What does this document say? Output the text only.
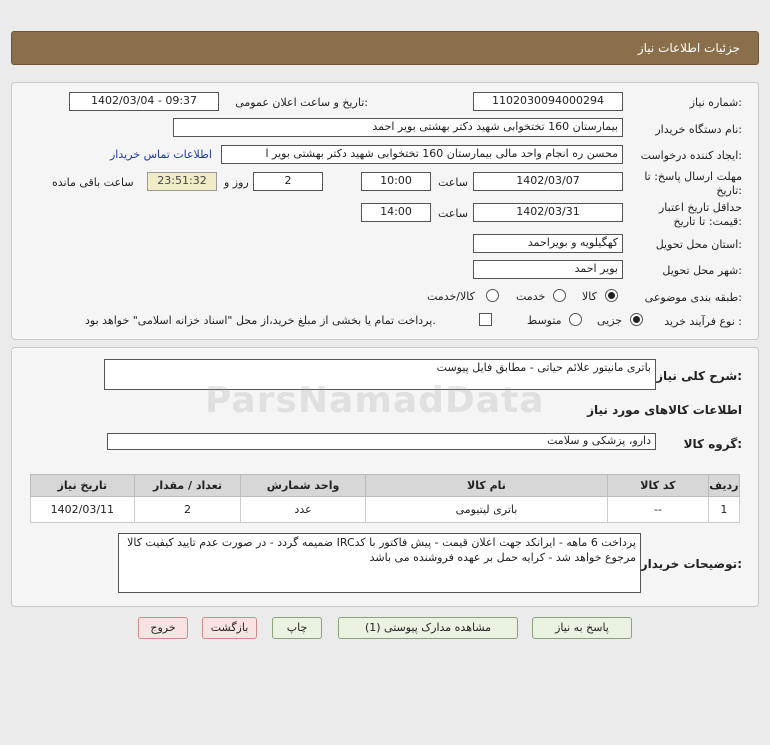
جزئیات اطلاعات نیاز
شماره نیاز:
1102030094000294
تاریخ و ساعت اعلان عمومی:
1402/03/04 - 09:37
نام دستگاه خریدار:
بیمارستان 160 تختخوابی شهید دکتر بهشتی بویر احمد
ایجاد کننده درخواست:
محسن ره انجام واحد مالی بیمارستان 160 تختخوابی شهید دکتر بهشتی بویر ا
اطلاعات تماس خریدار
مهلت ارسال پاسخ: تا
تاریخ:
1402/03/07
ساعت
10:00
2
روز و
23:51:32
ساعت باقی مانده
حداقل تاریخ اعتبار
قیمت: تا تاریخ:
1402/03/31
ساعت
14:00
استان محل تحویل:
کهگیلویه و بویراحمد
شهر محل تحویل:
بویر احمد
طبقه بندی موضوعی:
کالا
خدمت
کالا/خدمت
نوع فرآیند خرید :
جزیی
متوسط
پرداخت تمام یا بخشی از مبلغ خرید،از محل "اسناد خزانه اسلامی" خواهد بود.
شرح کلی نیاز:
باتری مانیتور علائم حیاتی - مطابق فایل پیوست
اطلاعات کالاهای مورد نیاز
گروه کالا:
دارو، پزشکی و سلامت
ردیف	کد کالا	نام کالا	واحد شمارش	تعداد / مقدار	تاریخ نیاز
1	--	باتری لیتیومی	عدد	2	1402/03/11
توضیحات خریدار:
پرداخت 6 ماهه - ایرانکد جهت اعلان قیمت - پیش فاکتور با کدIRC ضمیمه گردد - در صورت عدم تایید کیفیت کالا مرجوع خواهد شد - کرایه حمل بر عهده فروشنده می باشد
پاسخ به نیاز
مشاهده مدارک پیوستی (1)
چاپ
بازگشت
خروج
ParsNamadData
